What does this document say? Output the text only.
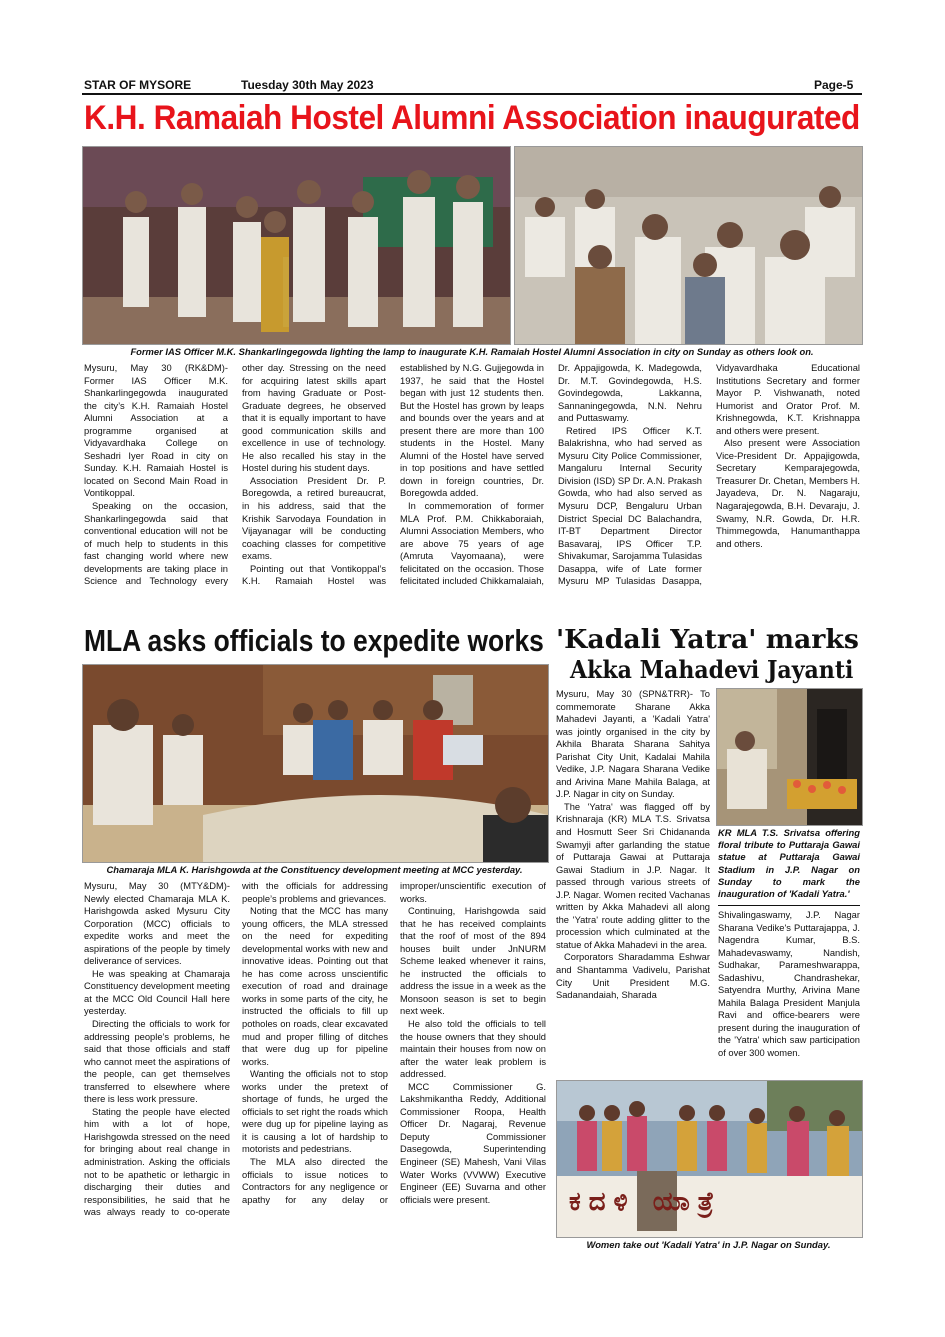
STAR OF MYSORE	Tuesday 30th May 2023	Page-5
K.H. Ramaiah Hostel Alumni Association inaugurated
Former IAS Officer M.K. Shankarlingegowda lighting the lamp to inaugurate K.H. Ramaiah Hostel Alumni Association in city on Sunday as others look on.

Mysuru, May 30 (RK&DM)- Former IAS Officer M.K. Shankarlingegowda inaugurated the city’s K.H. Ramaiah Hostel Alumni Association at a programme organised at Vidyavardhaka College on Seshadri Iyer Road in city on Sunday. K.H. Ramaiah Hostel is located on Second Main Road in Vontikoppal.

Speaking on the occasion, Shankarlingegowda said that conventional education will not be of much help to students in this fast changing world where new developments are taking place in Science and Technology every other day. Stressing on the need for acquiring latest skills apart from having Graduate or Post-Graduate degrees, he observed that it is equally important to have good communication skills and excellence in use of technology. He also recalled his stay in the Hostel during his student days.

Association President Dr. P. Boregowda, a retired bureaucrat, in his address, said that the Krishik Sarvodaya Foundation in Vijayanagar will be conducting coaching classes for competitive exams.

Pointing out that Vontikoppal’s K.H. Ramaiah Hostel was established by N.G. Gujjegowda in 1937, he said that the Hostel began with just 12 students then. But the Hostel has grown by leaps and bounds over the years and at present there are more than 100 students in the Hostel. Many Alumni of the Hostel have served in top positions and have settled down in foreign countries, Dr. Boregowda added.

In commemoration of former MLA Prof. P.M. Chikkaboraiah, Alumni Association Members, who are above 75 years of age (Amruta Vayomaana), were felicitated on the occasion. Those felicitated included Chikkamalaiah, Dr. Appajigowda, K. Madegowda, Dr. M.T. Govindegowda, H.S. Govindegowda, Lakkanna, Sannaningegowda, N.N. Nehru and Puttaswamy.

Retired IPS Officer K.T. Balakrishna, who had served as Mysuru City Police Commissioner, Mangaluru Internal Security Division (ISD) SP Dr. A.N. Prakash Gowda, who had also served as Mysuru DCP, Bengaluru Urban District Special DC Balachandra, IT-BT Department Director Basavaraj, IPS Officer T.P. Shivakumar, Sarojamma Tulasidas Dasappa, wife of Late former Mysuru MP Tulasidas Dasappa, Vidyavardhaka Educational Institutions Secretary and former Mayor P. Vishwanath, noted Humorist and Orator Prof. M. Krishnegowda, K.T. Krishnappa and others were present.

Also present were Association Vice-President Dr. Appajigowda, Secretary Kemparajegowda, Treasurer Dr. Chetan, Members H. Jayadeva, Dr. N. Nagaraju, Nagarajegowda, B.H. Devaraju, J. Swamy, N.R. Gowda, Dr. H.R. Thimmegowda, Hanumanthappa and others.

MLA asks officials to expedite works
Chamaraja MLA K. Harishgowda at the Constituency development meeting at MCC yesterday.

Mysuru, May 30 (MTY&DM)- Newly elected Chamaraja MLA K. Harishgowda asked Mysuru City Corporation (MCC) officials to expedite works and meet the aspirations of the people by timely deliverance of services.

He was speaking at Chamaraja Constituency development meeting at the MCC Old Council Hall here yesterday.

Directing the officials to work for addressing people’s problems, he said that those officials and staff who cannot meet the aspirations of the people, can get themselves transferred to elsewhere where there is less work pressure.

Stating the people have elected him with a lot of hope, Harishgowda stressed on the need for bringing about real change in administration. Asking the officials not to be apathetic or lethargic in discharging their duties and responsibilities, he said that he was always ready to co-operate with the officials for addressing people’s problems and grievances.

Noting that the MCC has many young officers, the MLA stressed on the need for expediting developmental works with new and innovative ideas. Pointing out that he has come across unscientific execution of road and drainage works in some parts of the city, he instructed the officials to fill up potholes on roads, clear excavated mud and proper filling of ditches that were dug up for pipeline works.

Wanting the officials not to stop works under the pretext of shortage of funds, he urged the officials to set right the roads which were dug up for pipeline laying as it is causing a lot of hardship to motorists and pedestrians.

The MLA also directed the officials to issue notices to Contractors for any negligence or apathy for any delay or improper/unscientific execution of works.

Continuing, Harishgowda said that he has received complaints that the roof of most of the 894 houses built under JnNURM Scheme leaked whenever it rains, he instructed the officials to address the issue in a week as the Monsoon season is set to begin next week.

He also told the officials to tell the house owners that they should maintain their houses from now on after the water leak problem is addressed.

MCC Commissioner G. Lakshmikantha Reddy, Additional Commissioner Roopa, Health Officer Dr. Nagaraj, Revenue Deputy Commissioner Dasegowda, Superintending Engineer (SE) Mahesh, Vani Vilas Water Works (VVWW) Executive Engineer (EE) Suvarna and other officials were present.

'Kadali Yatra' marks
Akka Mahadevi Jayanti

Mysuru, May 30 (SPN&TRR)- To commemorate Sharane Akka Mahadevi Jayanti, a 'Kadali Yatra' was jointly organised in the city by Akhila Bharata Sharana Sahitya Parishat City Unit, Kadalai Mahila Vedike, J.P. Nagara Sharana Vedike and Arivina Mane Mahila Balaga, at J.P. Nagar in city on Sunday.

The 'Yatra' was flagged off by Krishnaraja (KR) MLA T.S. Srivatsa and Hosmutt Seer Sri Chidananda Swamyji after garlanding the statue of Puttaraja Gawai at Puttaraja Gawai Stadium in J.P. Nagar. It passed through various streets of J.P. Nagar. Women recited Vachanas written by Akka Mahadevi all along the 'Yatra' route adding glitter to the procession which culminated at the statue of Akka Mahadevi in the area.

Corporators Sharadamma Eshwar and Shantamma Vadivelu, Parishat City Unit President M.G. Sadanandaiah, Sharada

KR MLA T.S. Srivatsa offering floral tribute to Puttaraja Gawai statue at Puttaraja Gawai Stadium in J.P. Nagar on Sunday to mark the inauguration of 'Kadali Yatra.'

Shivalingaswamy, J.P. Nagar Sharana Vedike's Puttarajappa, J. Nagendra Kumar, B.S. Mahadevaswamy, Nandish, Sudhakar, Parameshwarappa, Sadashivu, Chandrashekar, Satyendra Murthy, Arivina Mane Mahila Balaga President Manjula Ravi and office-bearers were present during the inauguration of the 'Yatra' which saw participation of over 300 women.

ಕದಳಿ ಯಾತ್ರೆ
Women take out 'Kadali Yatra' in J.P. Nagar on Sunday.
